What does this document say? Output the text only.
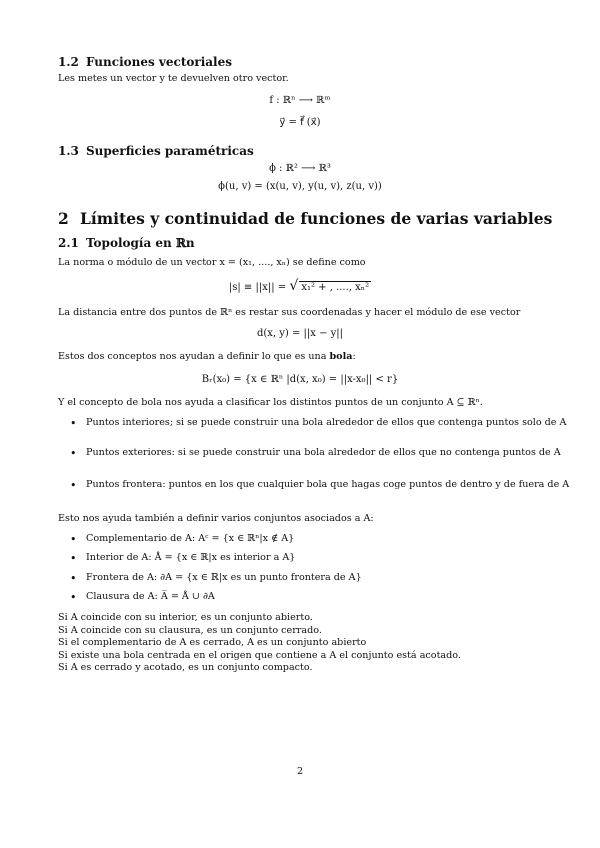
1.2 Funciones vectoriales
Les metes un vector y te devuelven otro vector.
f : ℝⁿ ⟶ ℝᵐ
y⃗ = f⃗ (x⃗)
1.3 Superficies paramétricas
ϕ : ℝ² ⟶ ℝ³
ϕ(u, v) = (x(u, v), y(u, v), z(u, v))
2 Límites y continuidad de funciones de varias variables
2.1 Topología en ℝn
La norma o módulo de un vector x = (x₁, ...., xₙ) se define como
|s| ≡ ||x|| = √ x₁² + , ...., xₙ²
La distancia entre dos puntos de ℝⁿ es restar sus coordenadas y hacer el módulo de ese vector
d(x, y) = ||x − y||
Estos dos conceptos nos ayudan a definir lo que es una bola:
Bᵣ(x₀) = {x ∈ ℝⁿ |d(x, x₀) = ||x-x₀|| < r}
Y el concepto de bola nos ayuda a clasificar los distintos puntos de un conjunto A ⊆ ℝⁿ.
• Puntos interiores; si se puede construir una bola alrededor de ellos que contenga puntos solo de A
• Puntos exteriores: si se puede construir una bola alrededor de ellos que no contenga puntos de A
• Puntos frontera: puntos en los que cualquier bola que hagas coge puntos de dentro y de fuera de A
Esto nos ayuda también a definir varios conjuntos asociados a A:
• Complementario de A: Aᶜ = {x ∈ ℝⁿ|x ∉ A}
• Interior de A: Å = {x ∈ ℝ|x es interior a A}
• Frontera de A: ∂A = {x ∈ ℝ|x es un punto frontera de A}
• Clausura de A: A̅ = Å ∪ ∂A
Si A coincide con su interior, es un conjunto abierto.
Si A coincide con su clausura, es un conjunto cerrado.
Si el complementario de A es cerrado, A es un conjunto abierto
Si existe una bola centrada en el origen que contiene a A el conjunto está acotado.
Si A es cerrado y acotado, es un conjunto compacto.
2
